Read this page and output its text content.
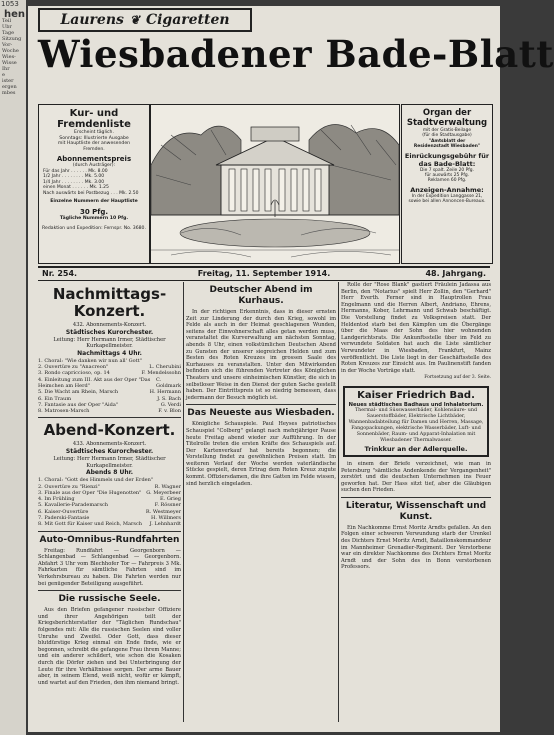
1053
hen
Teil
Ubr
Tage
Sitzung
Vor-
Woche
Wies-
Wisse
Ihr
e
ister
ergen
mbes
Laurens ❦ Cigaretten
Wiesbadener Bade-Blatt
Kur- und Fremdenliste
Erscheint täglich.
Sonntags: Illustrierte Ausgabe
mit Hauptliste der anwesenden
Fremden.
Abonnementspreis
(durch Austräger):
Für das Jahr . . . . . . Mk. 8.00
1/2 Jahr . . . . . . . . Mk. 5.00
1/4 Jahr . . . . . . . . Mk. 3.00
einen Monat . . . . . . Mk. 1.25
Nach auswärts bei Postbezug . . . Mk. 2.50
Einzelne Nummern der Hauptliste
30 Pfg.
Tägliche Nummern 10 Pfg.
Redaktion und Expedition: Fernspr. No. 3680.
Organ der Stadtverwaltung
mit der Gratis-Beilage
(für die Stadtausgabe)
"Amtsblatt der
Residenzstadt Wiesbaden"
Einrückungsgebühr für das Bade-Blatt:
Die 7 spalt. Zeile 20 Pfg.
für auswärts 25 Pfg.
Reklamen 60 Pfg.
Anzeigen-Annahme:
In der Expedition Langgasse 21,
sowie bei allen Annoncen-Bureaux.
Nr. 254.	Freitag, 11. September 1914.	48. Jahrgang.
Nachmittags-Konzert.
432. Abonnements-Konzert.
Städtisches Kurorchester.
Leitung: Herr Hermann Irmer, Städtischer Kurkapellmeister.
Nachmittags 4 Uhr.
1. Choral: "Wie danken wir nun all' Gott"
2. Ouvertüre zu "Anacreon"	L. Cherubini
3. Rondo capriccioso, op. 14	F. Mendelssohn
4. Einleitung zum III. Akt aus der Oper "Das Heimchen am Herd"
C. Goldmark
5. Die Wacht am Rhein, Marsch	H. Hermann
6. Ein Traum	J. S. Bach
7. Fantasie aus der Oper "Aida"	G. Verdi
8. Matrosen-Marsch	F. v. Blon
Abend-Konzert.
433. Abonnements-Konzert.
Städtisches Kurorchester.
Leitung: Herr Hermann Irmer, Städtischer Kurkapellmeister.
Abends 8 Uhr.
1. Choral: "Gott des Himmels und der Erden"
2. Ouvertüre zu "Rienzi"	R. Wagner
3. Finale aus der Oper "Die Hugenotten" G. Meyerbeer
4. Im Frühling	E. Grieg
5. Kavallerie-Parademarsch	F. Rössner
6. Kaiser-Ouvertüre	R. Westmeyer
7. Paderski-Fantasie	H. Willmers
8. Mit Gott für Kaiser und Reich, Marsch J. Lehnhardt
Auto-Omnibus-Rundfahrten

Freitag: Rundfahrt — Georgenborn — Schlangenbad — Schlangenbad — Georgenborn. Abfahrt 3 Uhr vom Blechhofer Tor — Fahrpreis 3 Mk. Fahrkarten für sämtliche Fahrten sind im Verkehrsbureau zu haben. Die Fahrten werden nur bei genügender Beteiligung ausgeführt.

Die russische Seele.

Aus den Briefen gefangener russischer Offiziere und ihrer Angehörigen teilt der Kriegsberichterstatter der "Täglichen Rundschau" folgendes mit: Alle die russischen Seelen sind voller Unruhe und Zweifel. Oder Gott, dass dieser blutdürstige Krieg einmal ein Ende finde, wie er begonnen, schreibt die gefangene Frau ihrem Manne; und ein anderer schildert, wie schon die Kosaken durch die Dörfer ziehen und bei Unterbringung der Leute für ihre Verhältnisse sorgen. Der arme Bauer aber, in seinem Elend, weiß nicht, wofür er kämpft, und wartet auf den Frieden, den ihm niemand bringt.

Deutscher Abend im Kurhaus.

In der richtigen Erkenntnis, dass in dieser ernsten Zeit zur Linderung der durch den Krieg, sowohl im Felde als auch in der Heimat geschlagenen Wunden, seitens der Einwohnerschaft alles getan werden muss, veranstaltet die Kurverwaltung am nächsten Sonntag, abends 8 Uhr, einen volkstümlichen Deutschen Abend zu Gunsten der unserer siegreichen Helden und zum Besten des Roten Kreuzes im grossen Saale des Kurhauses zu veranstalten. Unter den Mitwirkenden befinden sich die führenden Vertreter des Königlichen Theaters und unsere einheimischen Künstler, die sich in selbstloser Weise in den Dienst der guten Sache gestellt haben. Der Eintrittspreis ist so niedrig bemessen, dass jedermann der Besuch möglich ist.

Das Neueste aus Wiesbaden.

Königliche Schauspiele. Paul Heyses patriotisches Schauspiel "Colberg" gelangt nach mehrjähriger Pause heute Freitag abend wieder zur Aufführung. In der Titelrolle treten die ersten Kräfte des Schauspiels auf. Der Kartenverkauf hat bereits begonnen; die Vorstellung findet zu gewöhnlichen Preisen statt. Im weiteren Verlauf der Woche werden vaterländische Stücke gespielt, deren Ertrag dem Roten Kreuz zugute kommt. Offiziersdamen, die ihre Gatten im Felde wissen, sind herzlich eingeladen.

Rolle der "Rose Blank" gastiert Fräulein Jadassa aus Berlin, den "Notarius" spielt Herr Zollin, den "Gerhard" Herr Everth. Ferner sind in Hauptrollen Frau Engelmann und die Herren Albert, Andriano, Ehrens, Hermanns, Kober, Lehrmann und Schwab beschäftigt. Die Vorstellung findet zu Volkspreisen statt. Der Heldentod starb bei den Kämpfen um die Übergänge über die Maas der Sohn des hier wohnenden Landgerichtsrats. Die Ankunftsstelle über im Feld zu verwundete Soldaten hat auch die Liste sämtlicher Verwundeter in Wiesbaden, Frankfurt, Mainz veröffentlicht. Die Liste liegt in der Geschäftsstelle des Roten Kreuzes zur Einsicht aus. Im Paulinenstift fanden in der Woche Vorträge statt.

Fortsetzung auf der 3. Seite.
Kaiser Friedrich Bad.
Neues städtisches Badhaus und Inhalatorium.
Thermal- und Süsswasserbäder, Kohlensäure- und Sauerstoffbäder, Elektrische Lichtbäder, Wannenbadabteilung für Damen und Herren, Massage, Fangopackungen, elektrische Wasserbäder, Luft- und Sonnenbäder, Raum- und Apparat-Inhalation mit Wiesbadener Thermalwasser.
Trinkkur an der Adlerquelle.

in einem der Briefe verzeichnet, wie man in Petersburg "sämtliche Andenkende der Vergangenheit" zerstört und die deutschen Unternehmen ins Feuer geworfen hat. Der Hass sitzt tief, aber die Gläubigen suchen den Frieden.

Literatur, Wissenschaft und Kunst.

Ein Nachkomme Ernst Moritz Arndts gefallen. An den Folgen einer schweren Verwundung starb der Urenkel des Dichters Ernst Moritz Arndt, Bataillonskommandeur im Mannheimer Grenadier-Regiment. Der Verstorbene war ein direkter Nachkomme des Dichters Ernst Moritz Arndt und der Sohn des in Bonn verstorbenen Professors.
